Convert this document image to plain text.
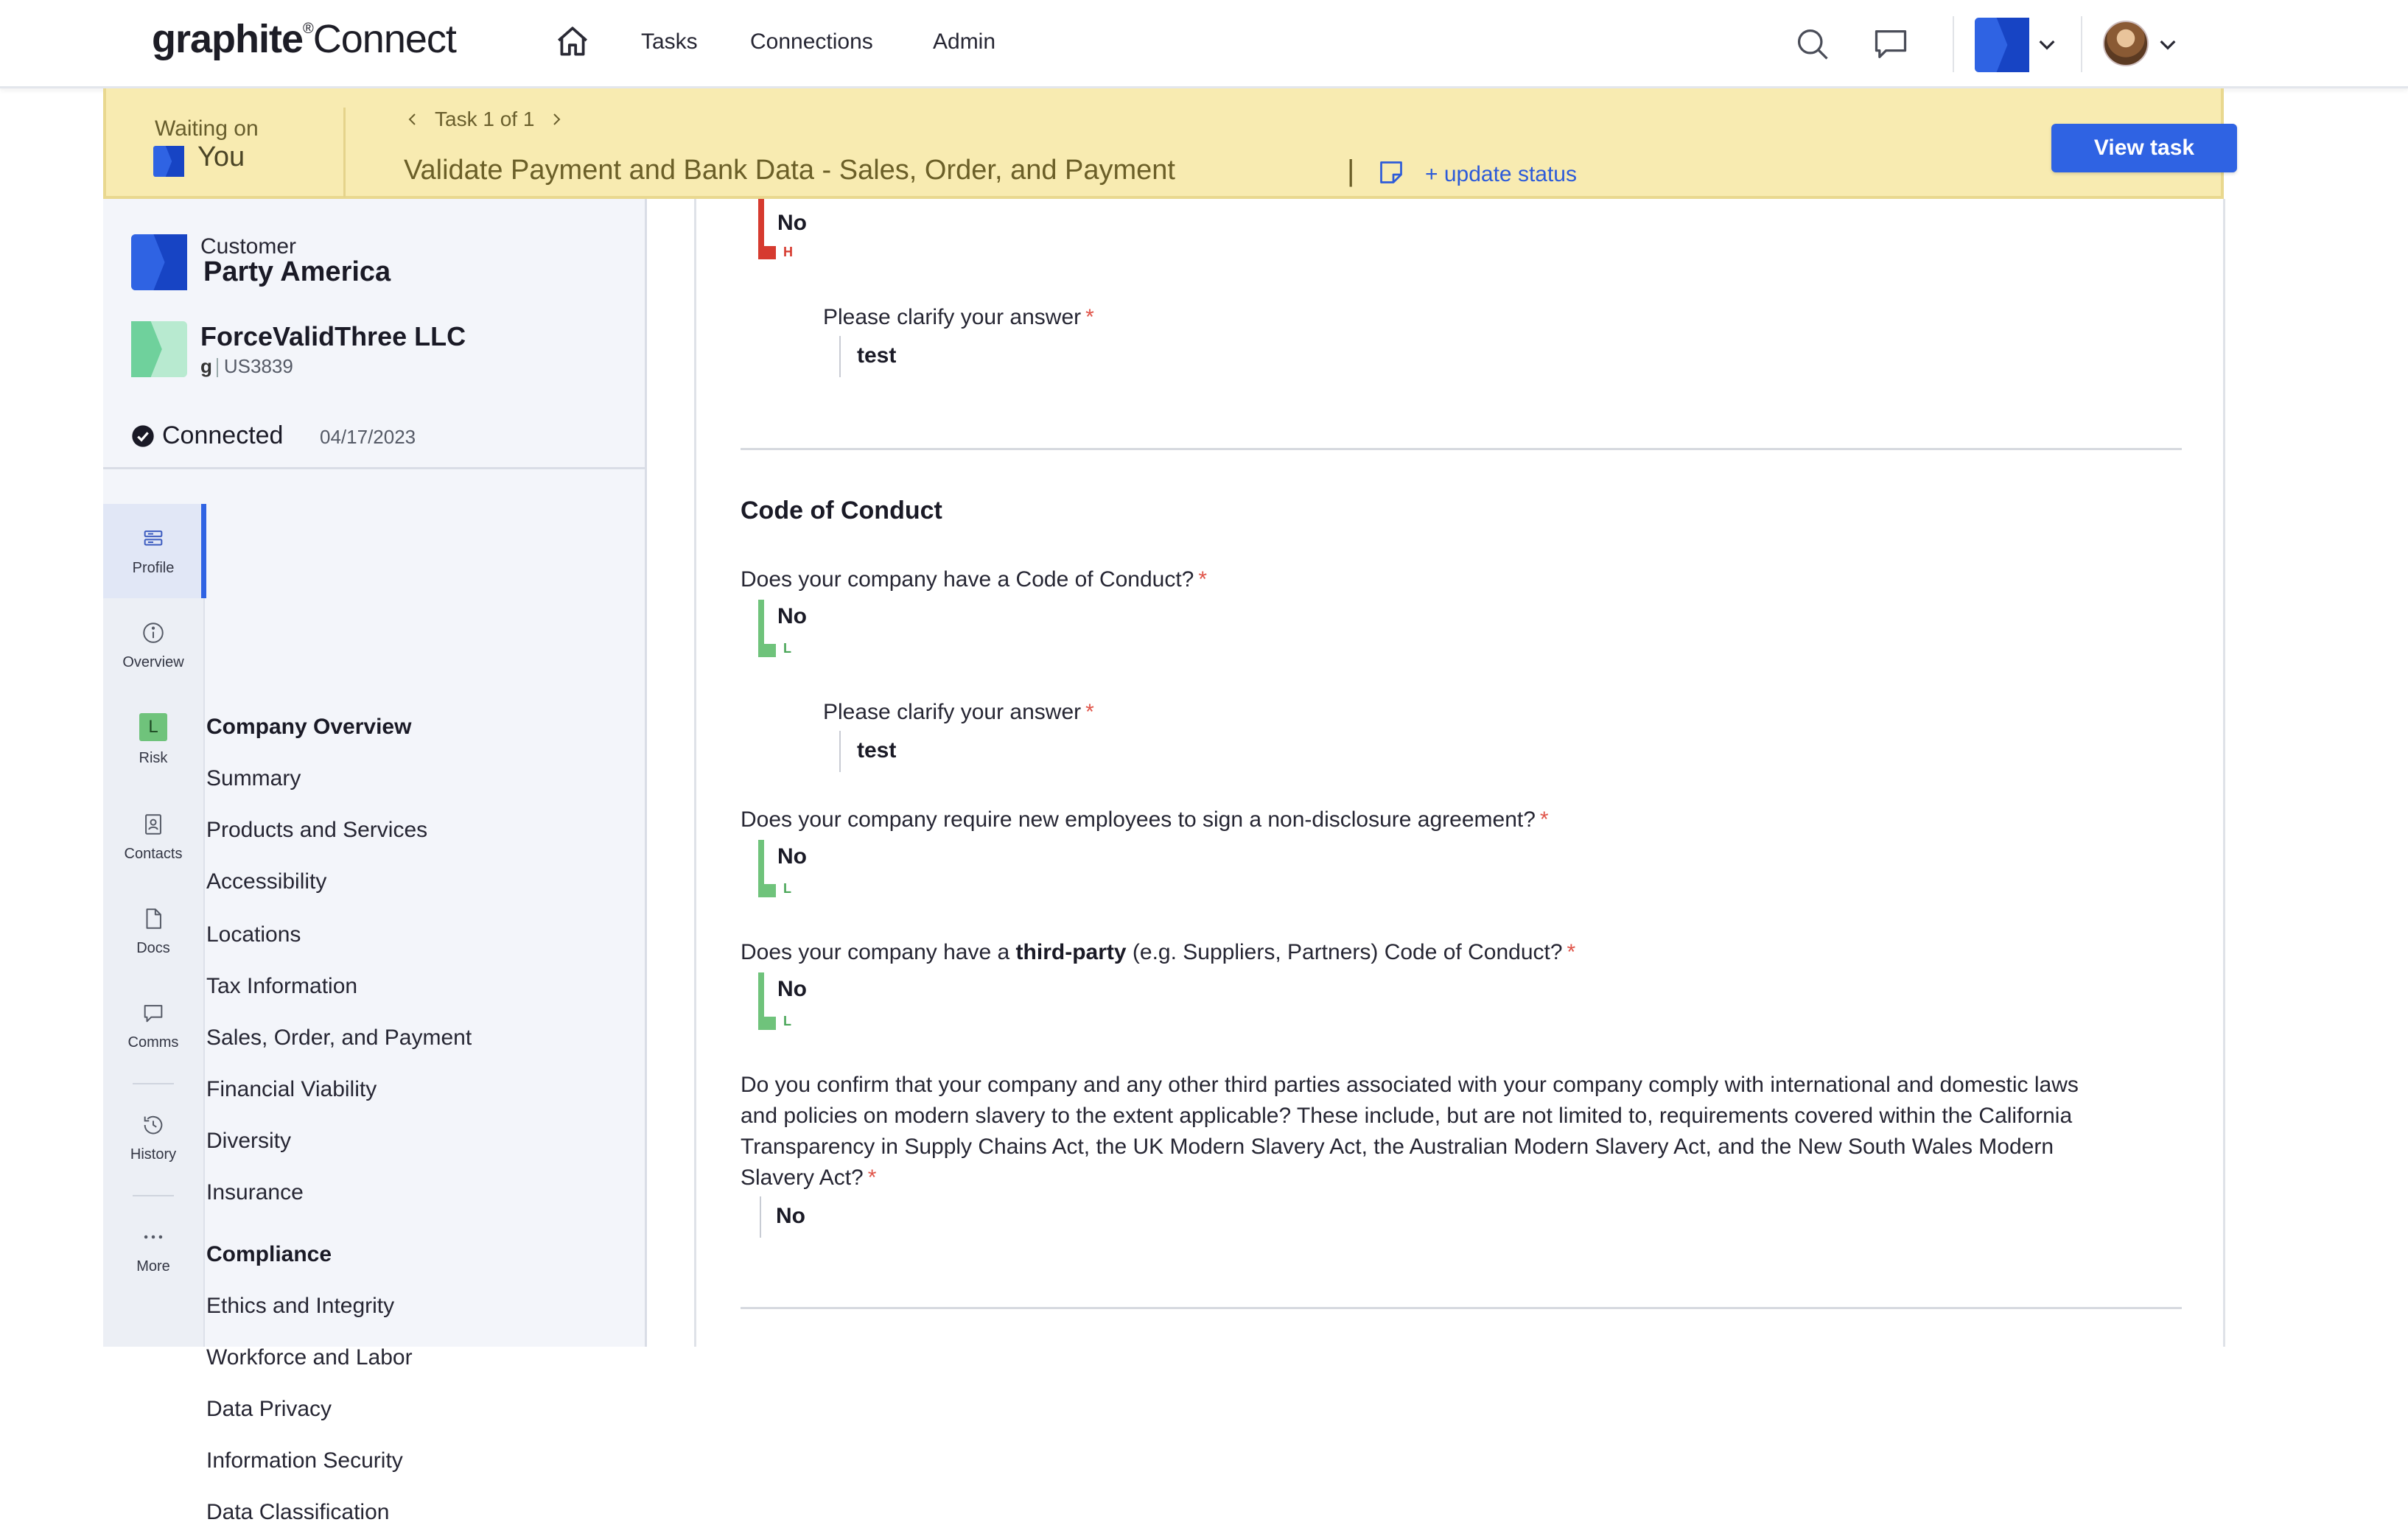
graphite®Connect	Tasks Connections	Admin
Waiting on
You
Task 1 of 1
Validate Payment and Bank Data - Sales, Order, and Payment	|	+ update status
View task
Customer
Party America
ForceValidThree LLC
g US3839
Connected 04/17/2023
Profile
Overview
L
Risk
Contacts
Docs
Comms
History
More
Company Overview
Summary
Products and Services
Accessibility
Locations
Tax Information
Sales, Order, and Payment
Financial Viability
Diversity
Insurance
Compliance
Ethics and Integrity
Workforce and Labor
Data Privacy
Information Security
Data Classification
H
No
Please clarify your answer *
test
Code of Conduct
Does your company have a Code of Conduct? *
L
No
Please clarify your answer *
test
Does your company require new employees to sign a non-disclosure agreement? *
L
No
Does your company have a third-party (e.g. Suppliers, Partners) Code of Conduct? *
L
No
Do you confirm that your company and any other third parties associated with your company comply with international and domestic laws
and policies on modern slavery to the extent applicable? These include, but are not limited to, requirements covered within the California
Transparency in Supply Chains Act, the UK Modern Slavery Act, the Australian Modern Slavery Act, and the New South Wales Modern
Slavery Act? *
No
